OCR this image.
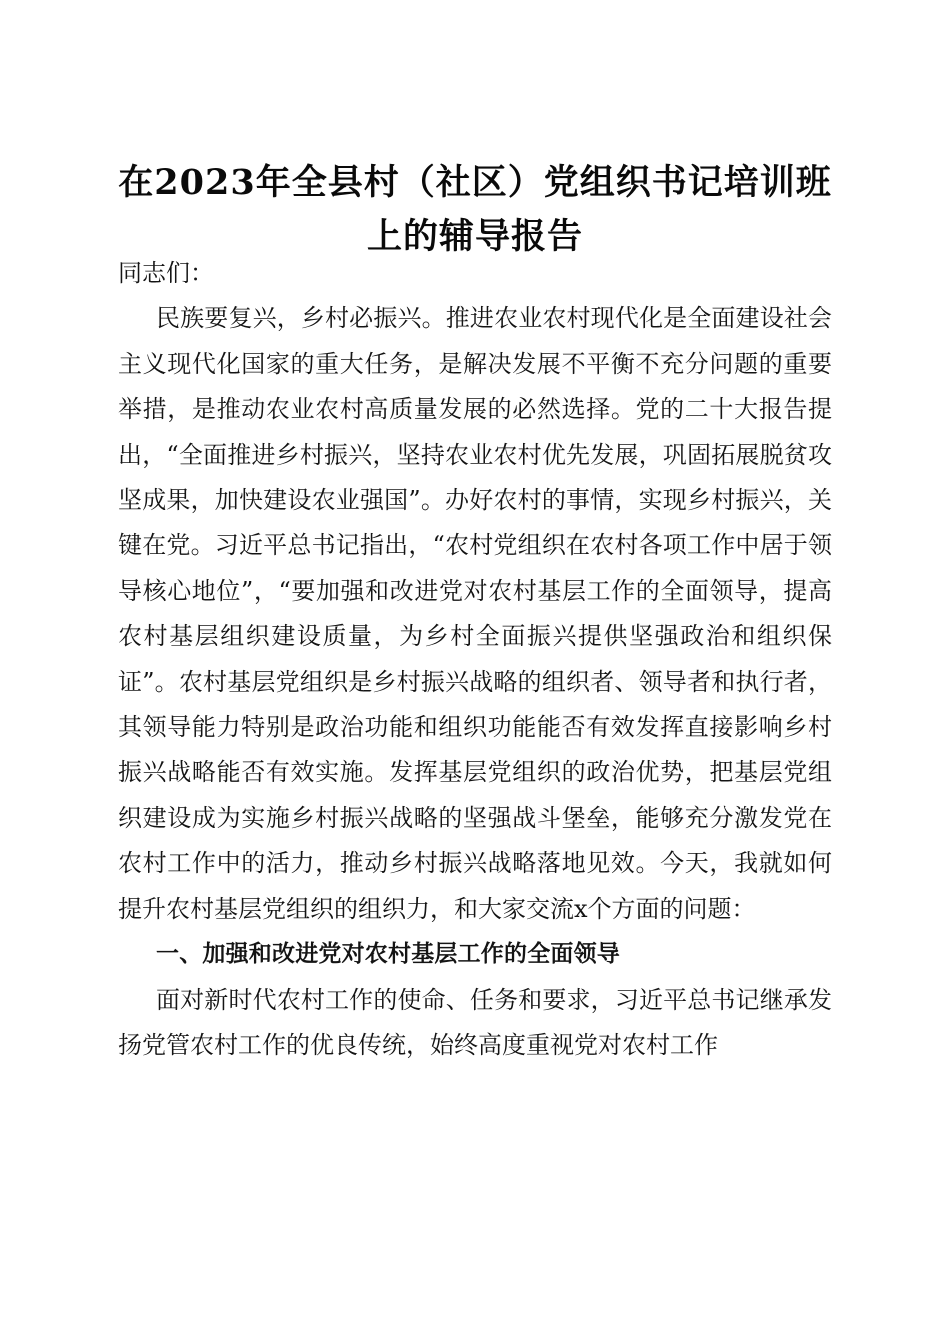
在2023年全县村（社区）党组织书记培训班
上的辅导报告

同志们：

民族要复兴，乡村必振兴。推进农业农村现代化是全面建设社会主义现代化国家的重大任务，是解决发展不平衡不充分问题的重要举措，是推动农业农村高质量发展的必然选择。党的二十大报告提出，“全面推进乡村振兴，坚持农业农村优先发展，巩固拓展脱贫攻坚成果，加快建设农业强国”。办好农村的事情，实现乡村振兴，关键在党。习近平总书记指出，“农村党组织在农村各项工作中居于领导核心地位”，“要加强和改进党对农村基层工作的全面领导，提高农村基层组织建设质量，为乡村全面振兴提供坚强政治和组织保证”。农村基层党组织是乡村振兴战略的组织者、领导者和执行者，其领导能力特别是政治功能和组织功能能否有效发挥直接影响乡村振兴战略能否有效实施。发挥基层党组织的政治优势，把基层党组织建设成为实施乡村振兴战略的坚强战斗堡垒，能够充分激发党在农村工作中的活力，推动乡村振兴战略落地见效。今天，我就如何提升农村基层党组织的组织力，和大家交流x个方面的问题：

一、加强和改进党对农村基层工作的全面领导

面对新时代农村工作的使命、任务和要求，习近平总书记继承发扬党管农村工作的优良传统，始终高度重视党对农村工作
